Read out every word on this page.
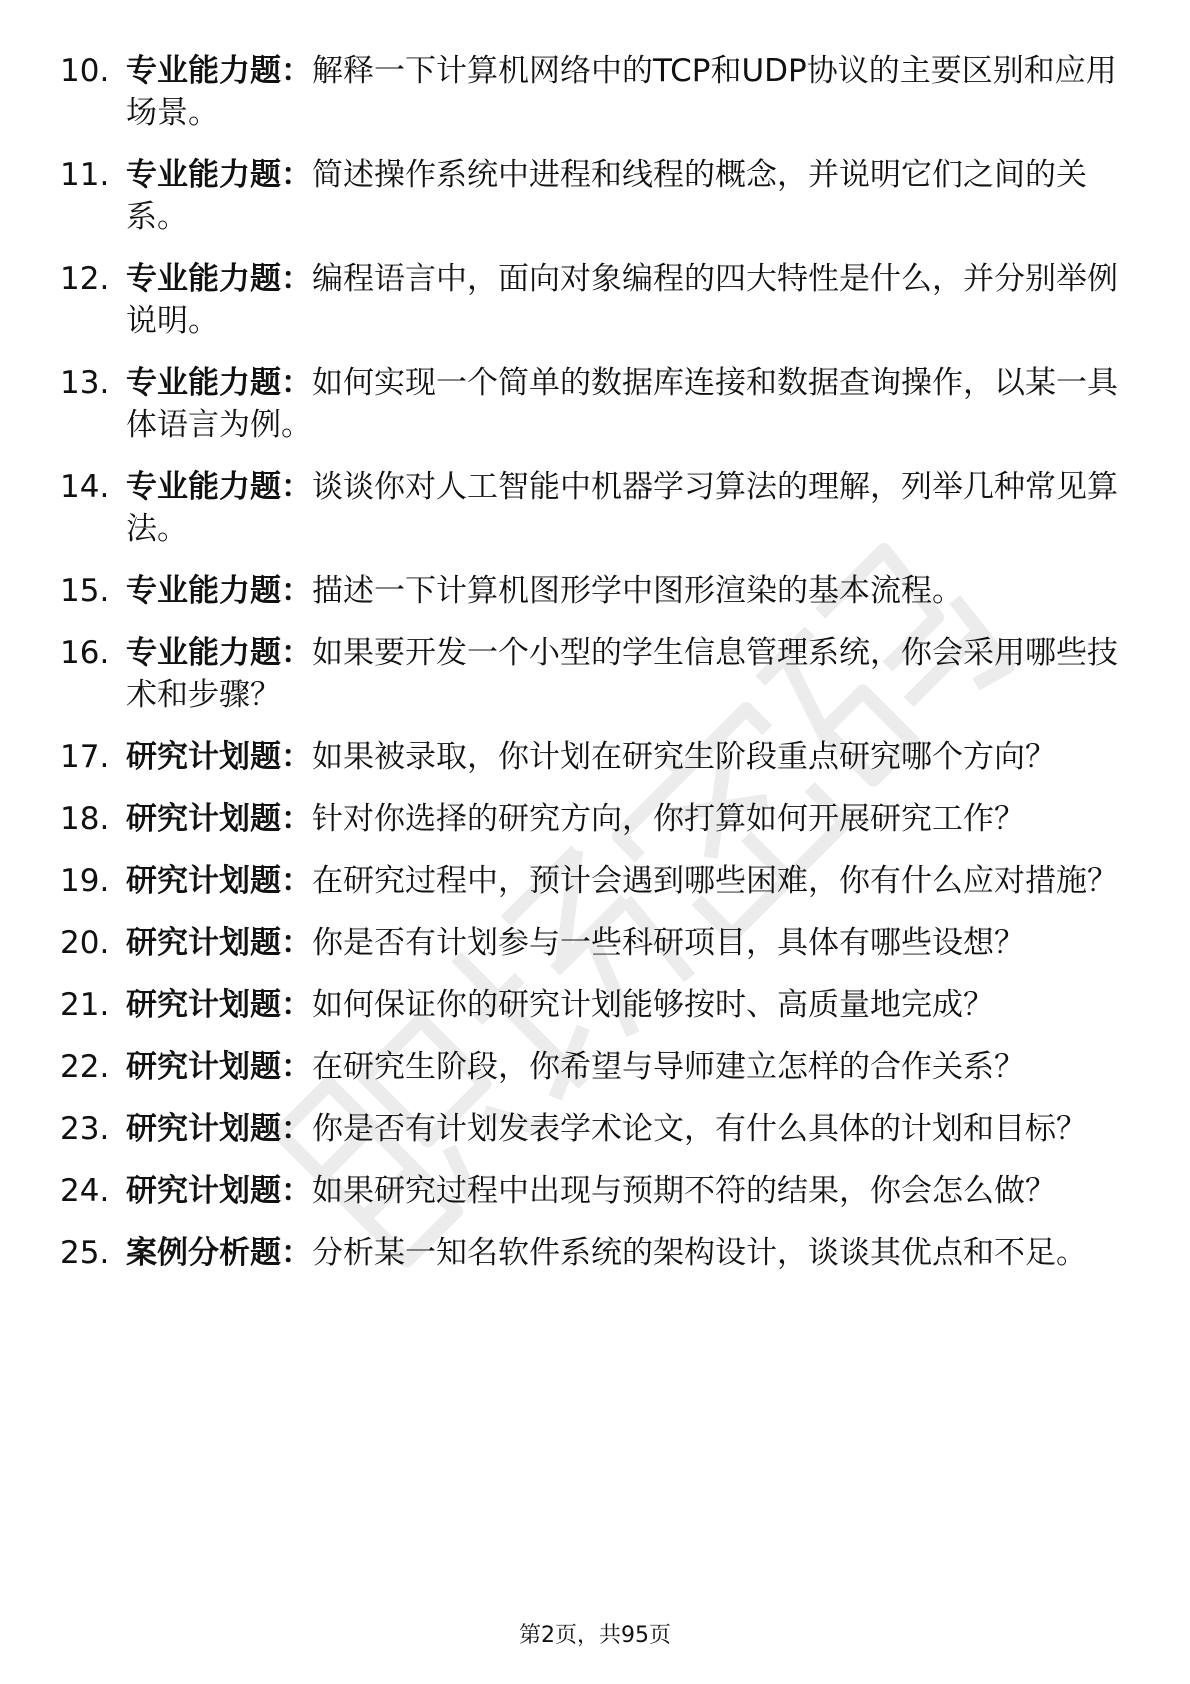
10. 专业能力题：解释一下计算机网络中的TCP和UDP协议的主要区别和应用场景。
11. 专业能力题：简述操作系统中进程和线程的概念，并说明它们之间的关系。
12. 专业能力题：编程语言中，面向对象编程的四大特性是什么，并分别举例说明。
13. 专业能力题：如何实现一个简单的数据库连接和数据查询操作，以某一具体语言为例。
14. 专业能力题：谈谈你对人工智能中机器学习算法的理解，列举几种常见算法。
15. 专业能力题：描述一下计算机图形学中图形渲染的基本流程。
16. 专业能力题：如果要开发一个小型的学生信息管理系统，你会采用哪些技术和步骤？
17. 研究计划题：如果被录取，你计划在研究生阶段重点研究哪个方向？
18. 研究计划题：针对你选择的研究方向，你打算如何开展研究工作？
19. 研究计划题：在研究过程中，预计会遇到哪些困难，你有什么应对措施？
20. 研究计划题：你是否有计划参与一些科研项目，具体有哪些设想？
21. 研究计划题：如何保证你的研究计划能够按时、高质量地完成？
22. 研究计划题：在研究生阶段，你希望与导师建立怎样的合作关系？
23. 研究计划题：你是否有计划发表学术论文，有什么具体的计划和目标？
24. 研究计划题：如果研究过程中出现与预期不符的结果，你会怎么做？
25. 案例分析题：分析某一知名软件系统的架构设计，谈谈其优点和不足。
第2页，共95页
